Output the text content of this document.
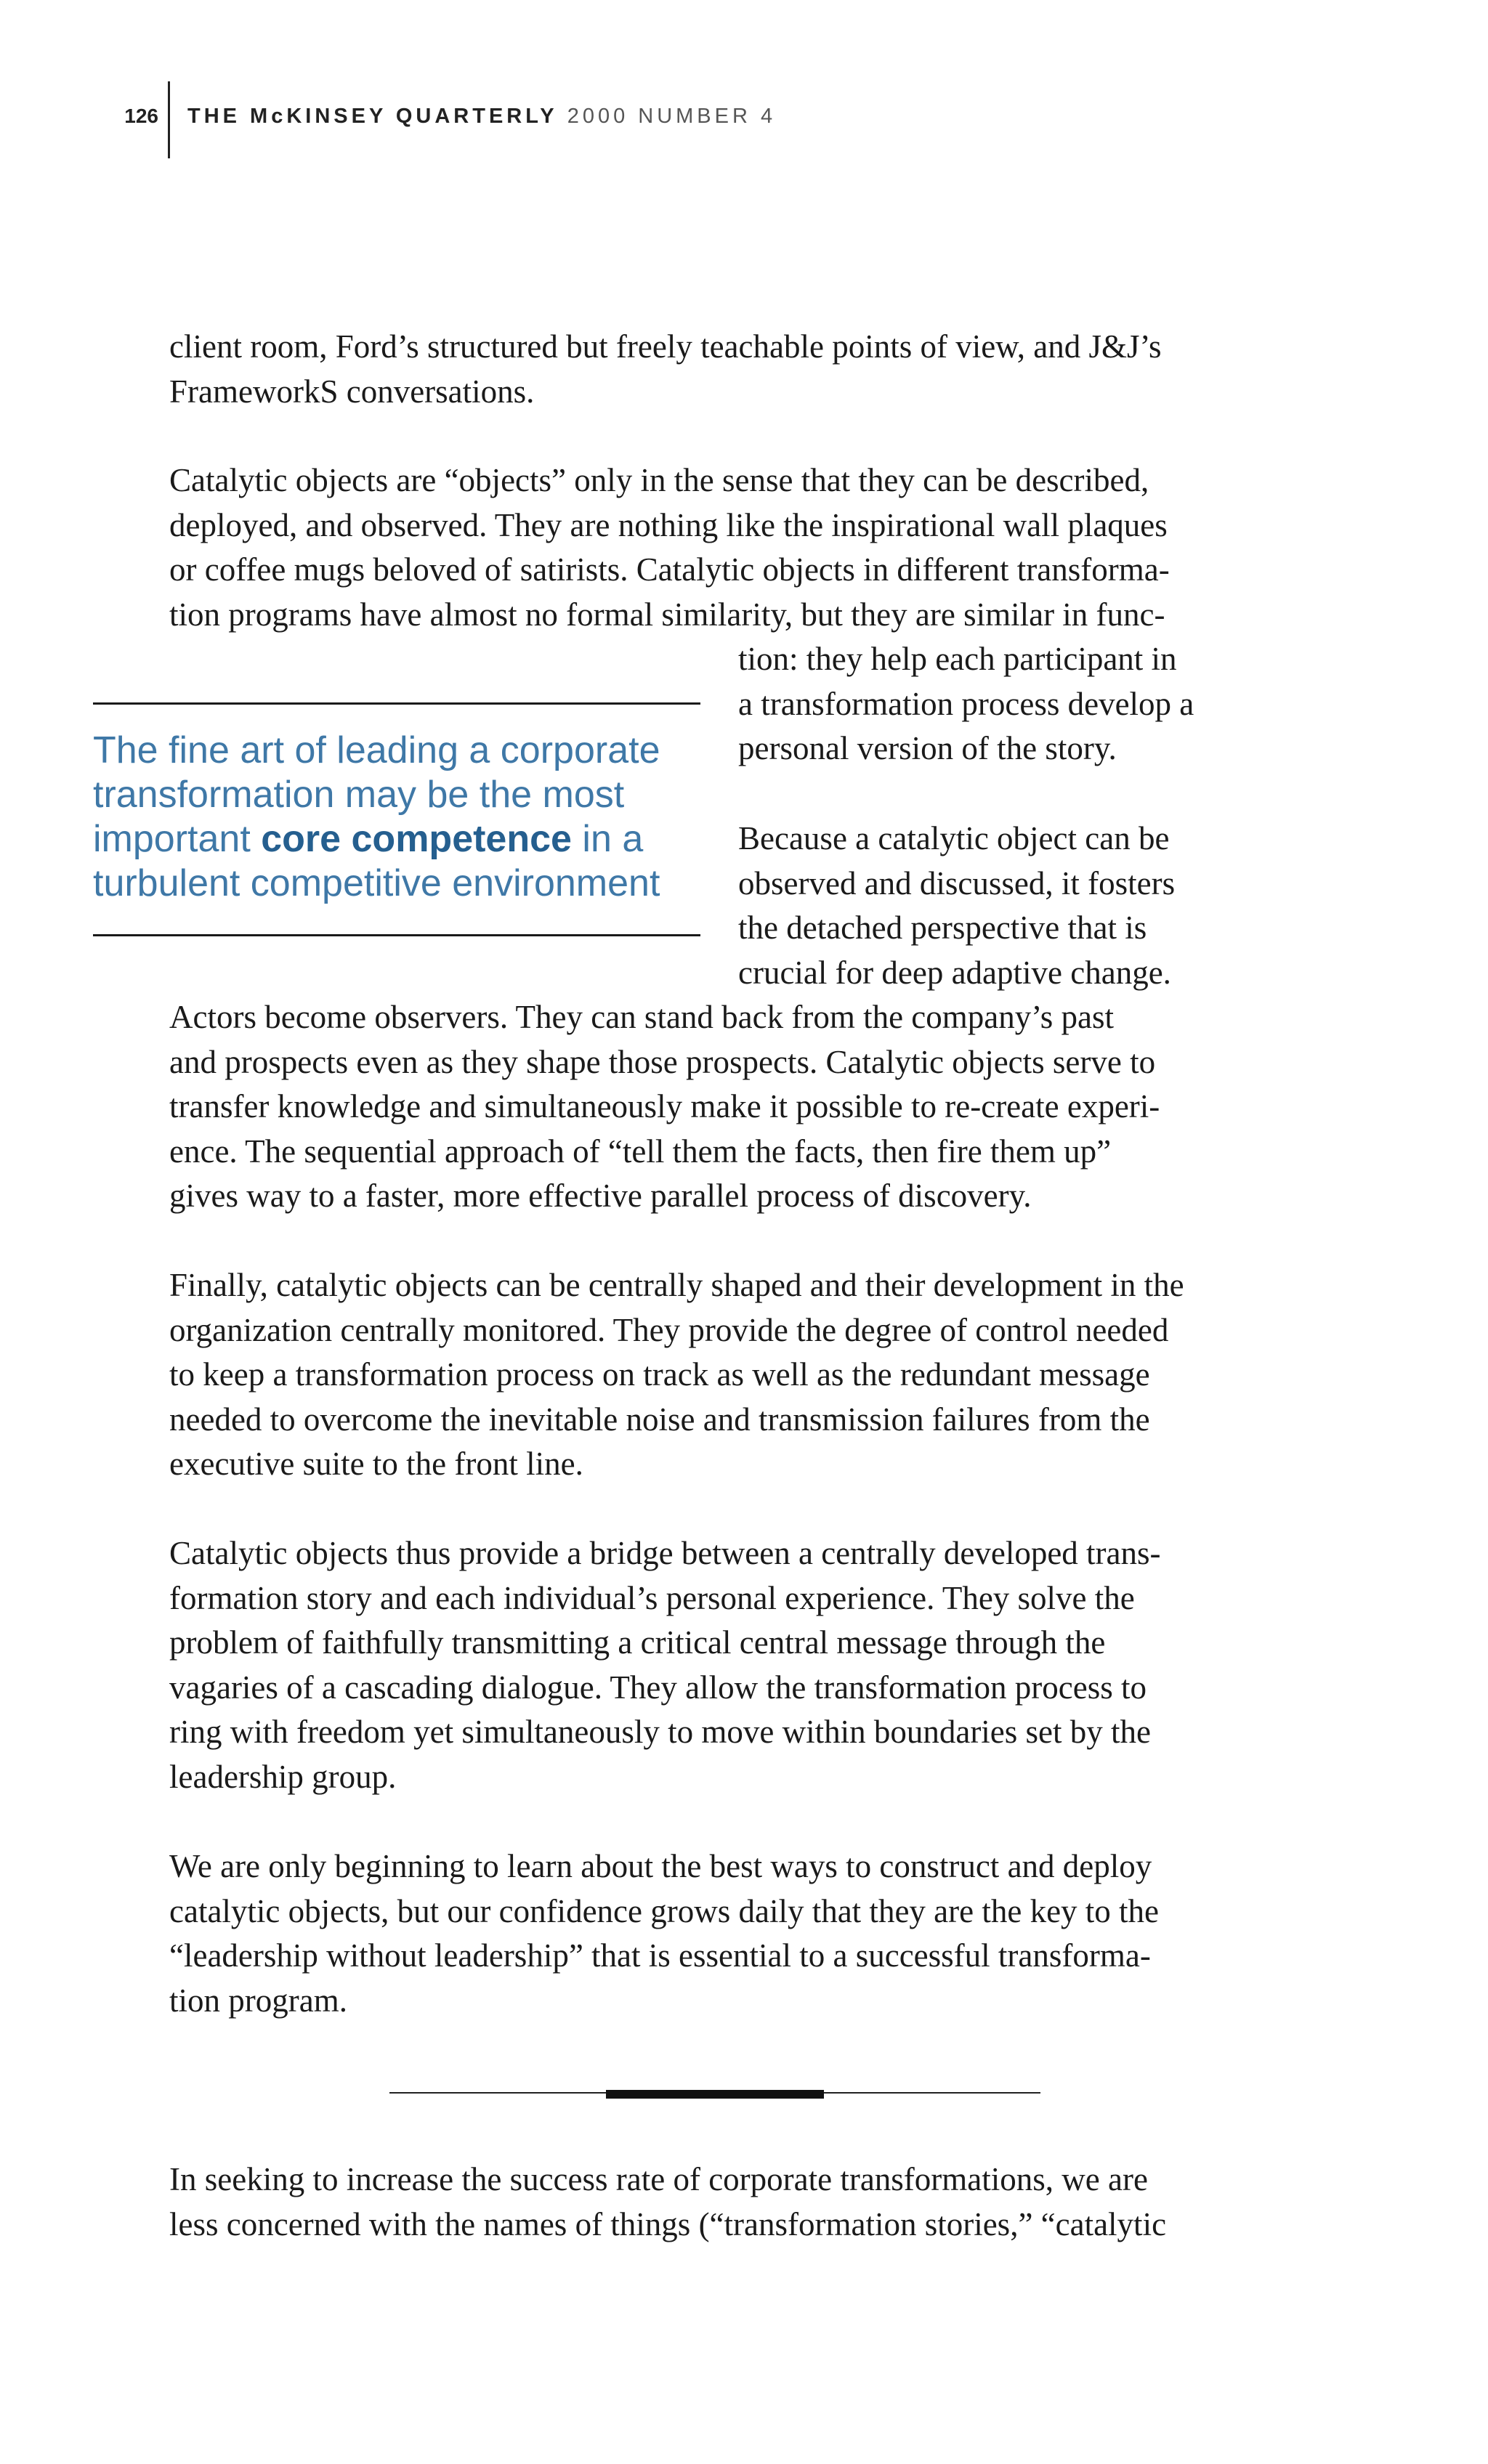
126 THE McKINSEY QUARTERLY 2000 NUMBER 4

client room, Ford’s structured but freely teachable points of view, and J&J’s
FrameworkS conversations.

Catalytic objects are “objects” only in the sense that they can be described,
deployed, and observed. They are nothing like the inspirational wall plaques
or coffee mugs beloved of satirists. Catalytic objects in different transforma-
tion programs have almost no formal similarity, but they are similar in func-

tion: they help each participant in
a transformation process develop a
personal version of the story.

The fine art of leading a corporate
transformation may be the most
important core competence in a
turbulent competitive environment

Because a catalytic object can be
observed and discussed, it fosters
the detached perspective that is
crucial for deep adaptive change.

Actors become observers. They can stand back from the company’s past
and prospects even as they shape those prospects. Catalytic objects serve to
transfer knowledge and simultaneously make it possible to re-create experi-
ence. The sequential approach of “tell them the facts, then fire them up”
gives way to a faster, more effective parallel process of discovery.

Finally, catalytic objects can be centrally shaped and their development in the
organization centrally monitored. They provide the degree of control needed
to keep a transformation process on track as well as the redundant message
needed to overcome the inevitable noise and transmission failures from the
executive suite to the front line.

Catalytic objects thus provide a bridge between a centrally developed trans-
formation story and each individual’s personal experience. They solve the
problem of faithfully transmitting a critical central message through the
vagaries of a cascading dialogue. They allow the transformation process to
ring with freedom yet simultaneously to move within boundaries set by the
leadership group.

We are only beginning to learn about the best ways to construct and deploy
catalytic objects, but our confidence grows daily that they are the key to the
“leadership without leadership” that is essential to a successful transforma-
tion program.

In seeking to increase the success rate of corporate transformations, we are
less concerned with the names of things (“transformation stories,” “catalytic
